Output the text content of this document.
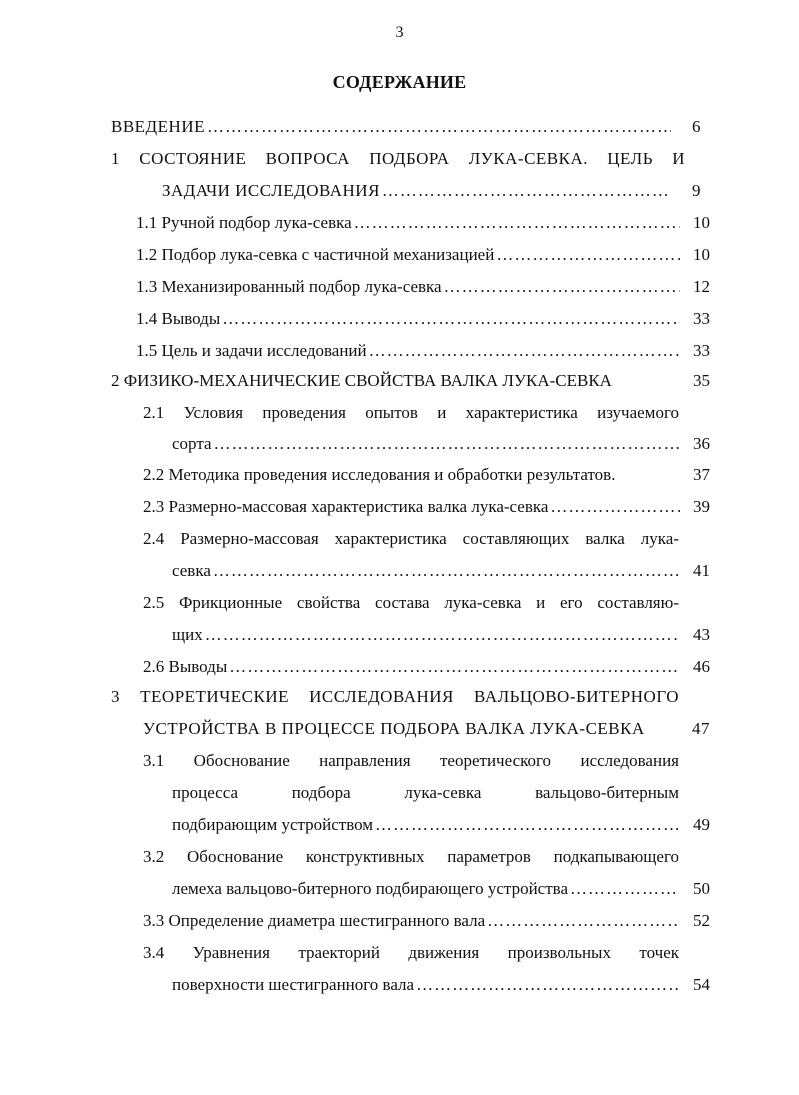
3
СОДЕРЖАНИЕ
ВВЕДЕНИЕ ……………………………………………………………………………………………………………………………………………………………………………………………………………………………………	6
1 СОСТОЯНИЕ ВОПРОСА ПОДБОРА ЛУКА-СЕВКА. ЦЕЛЬ И
ЗАДАЧИ ИССЛЕДОВАНИЯ ……………………………………………………………………………………………………………………………………………………………………………………………………………………………………	9
1.1 Ручной подбор лука-севка ……………………………………………………………………………………………………………………………………………………………………………………………………………………………………	10
1.2 Подбор лука-севка с частичной механизацией ……………………………………………………………………………………………………………………………………………………………………………………………………………………………………	10
1.3 Механизированный подбор лука-севка ……………………………………………………………………………………………………………………………………………………………………………………………………………………………………	12
1.4 Выводы ……………………………………………………………………………………………………………………………………………………………………………………………………………………………………	33
1.5 Цель и задачи исследований ……………………………………………………………………………………………………………………………………………………………………………………………………………………………………	33
2 ФИЗИКО-МЕХАНИЧЕСКИЕ СВОЙСТВА ВАЛКА ЛУКА-СЕВКА	35
2.1 Условия проведения опытов и характеристика изучаемого
сорта ……………………………………………………………………………………………………………………………………………………………………………………………………………………………………	36
2.2 Методика проведения исследования и обработки результатов.	37
2.3 Размерно-массовая характеристика валка лука-севка ……………………………………………………………………………………………………………………………………………………………………………………………………………………………………	39
2.4 Размерно-массовая характеристика составляющих валка лука-
севка ……………………………………………………………………………………………………………………………………………………………………………………………………………………………………	41
2.5 Фрикционные свойства состава лука-севка и его составляю-
щих ……………………………………………………………………………………………………………………………………………………………………………………………………………………………………	43
2.6 Выводы ……………………………………………………………………………………………………………………………………………………………………………………………………………………………………	46
3 ТЕОРЕТИЧЕСКИЕ ИССЛЕДОВАНИЯ ВАЛЬЦОВО-БИТЕРНОГО
УСТРОЙСТВА В ПРОЦЕССЕ ПОДБОРА ВАЛКА ЛУКА-СЕВКА	47
3.1 Обоснование направления теоретического исследования
процесса подбора лука-севка вальцово-битерным
подбирающим устройством ……………………………………………………………………………………………………………………………………………………………………………………………………………………………………	49
3.2 Обоснование конструктивных параметров подкапывающего
лемеха вальцово-битерного подбирающего устройства ……………………………………………………………………………………………………………………………………………………………………………………………………………………………………	50
3.3 Определение диаметра шестигранного вала ……………………………………………………………………………………………………………………………………………………………………………………………………………………………………	52
3.4 Уравнения траекторий движения произвольных точек
поверхности шестигранного вала ……………………………………………………………………………………………………………………………………………………………………………………………………………………………………	54
